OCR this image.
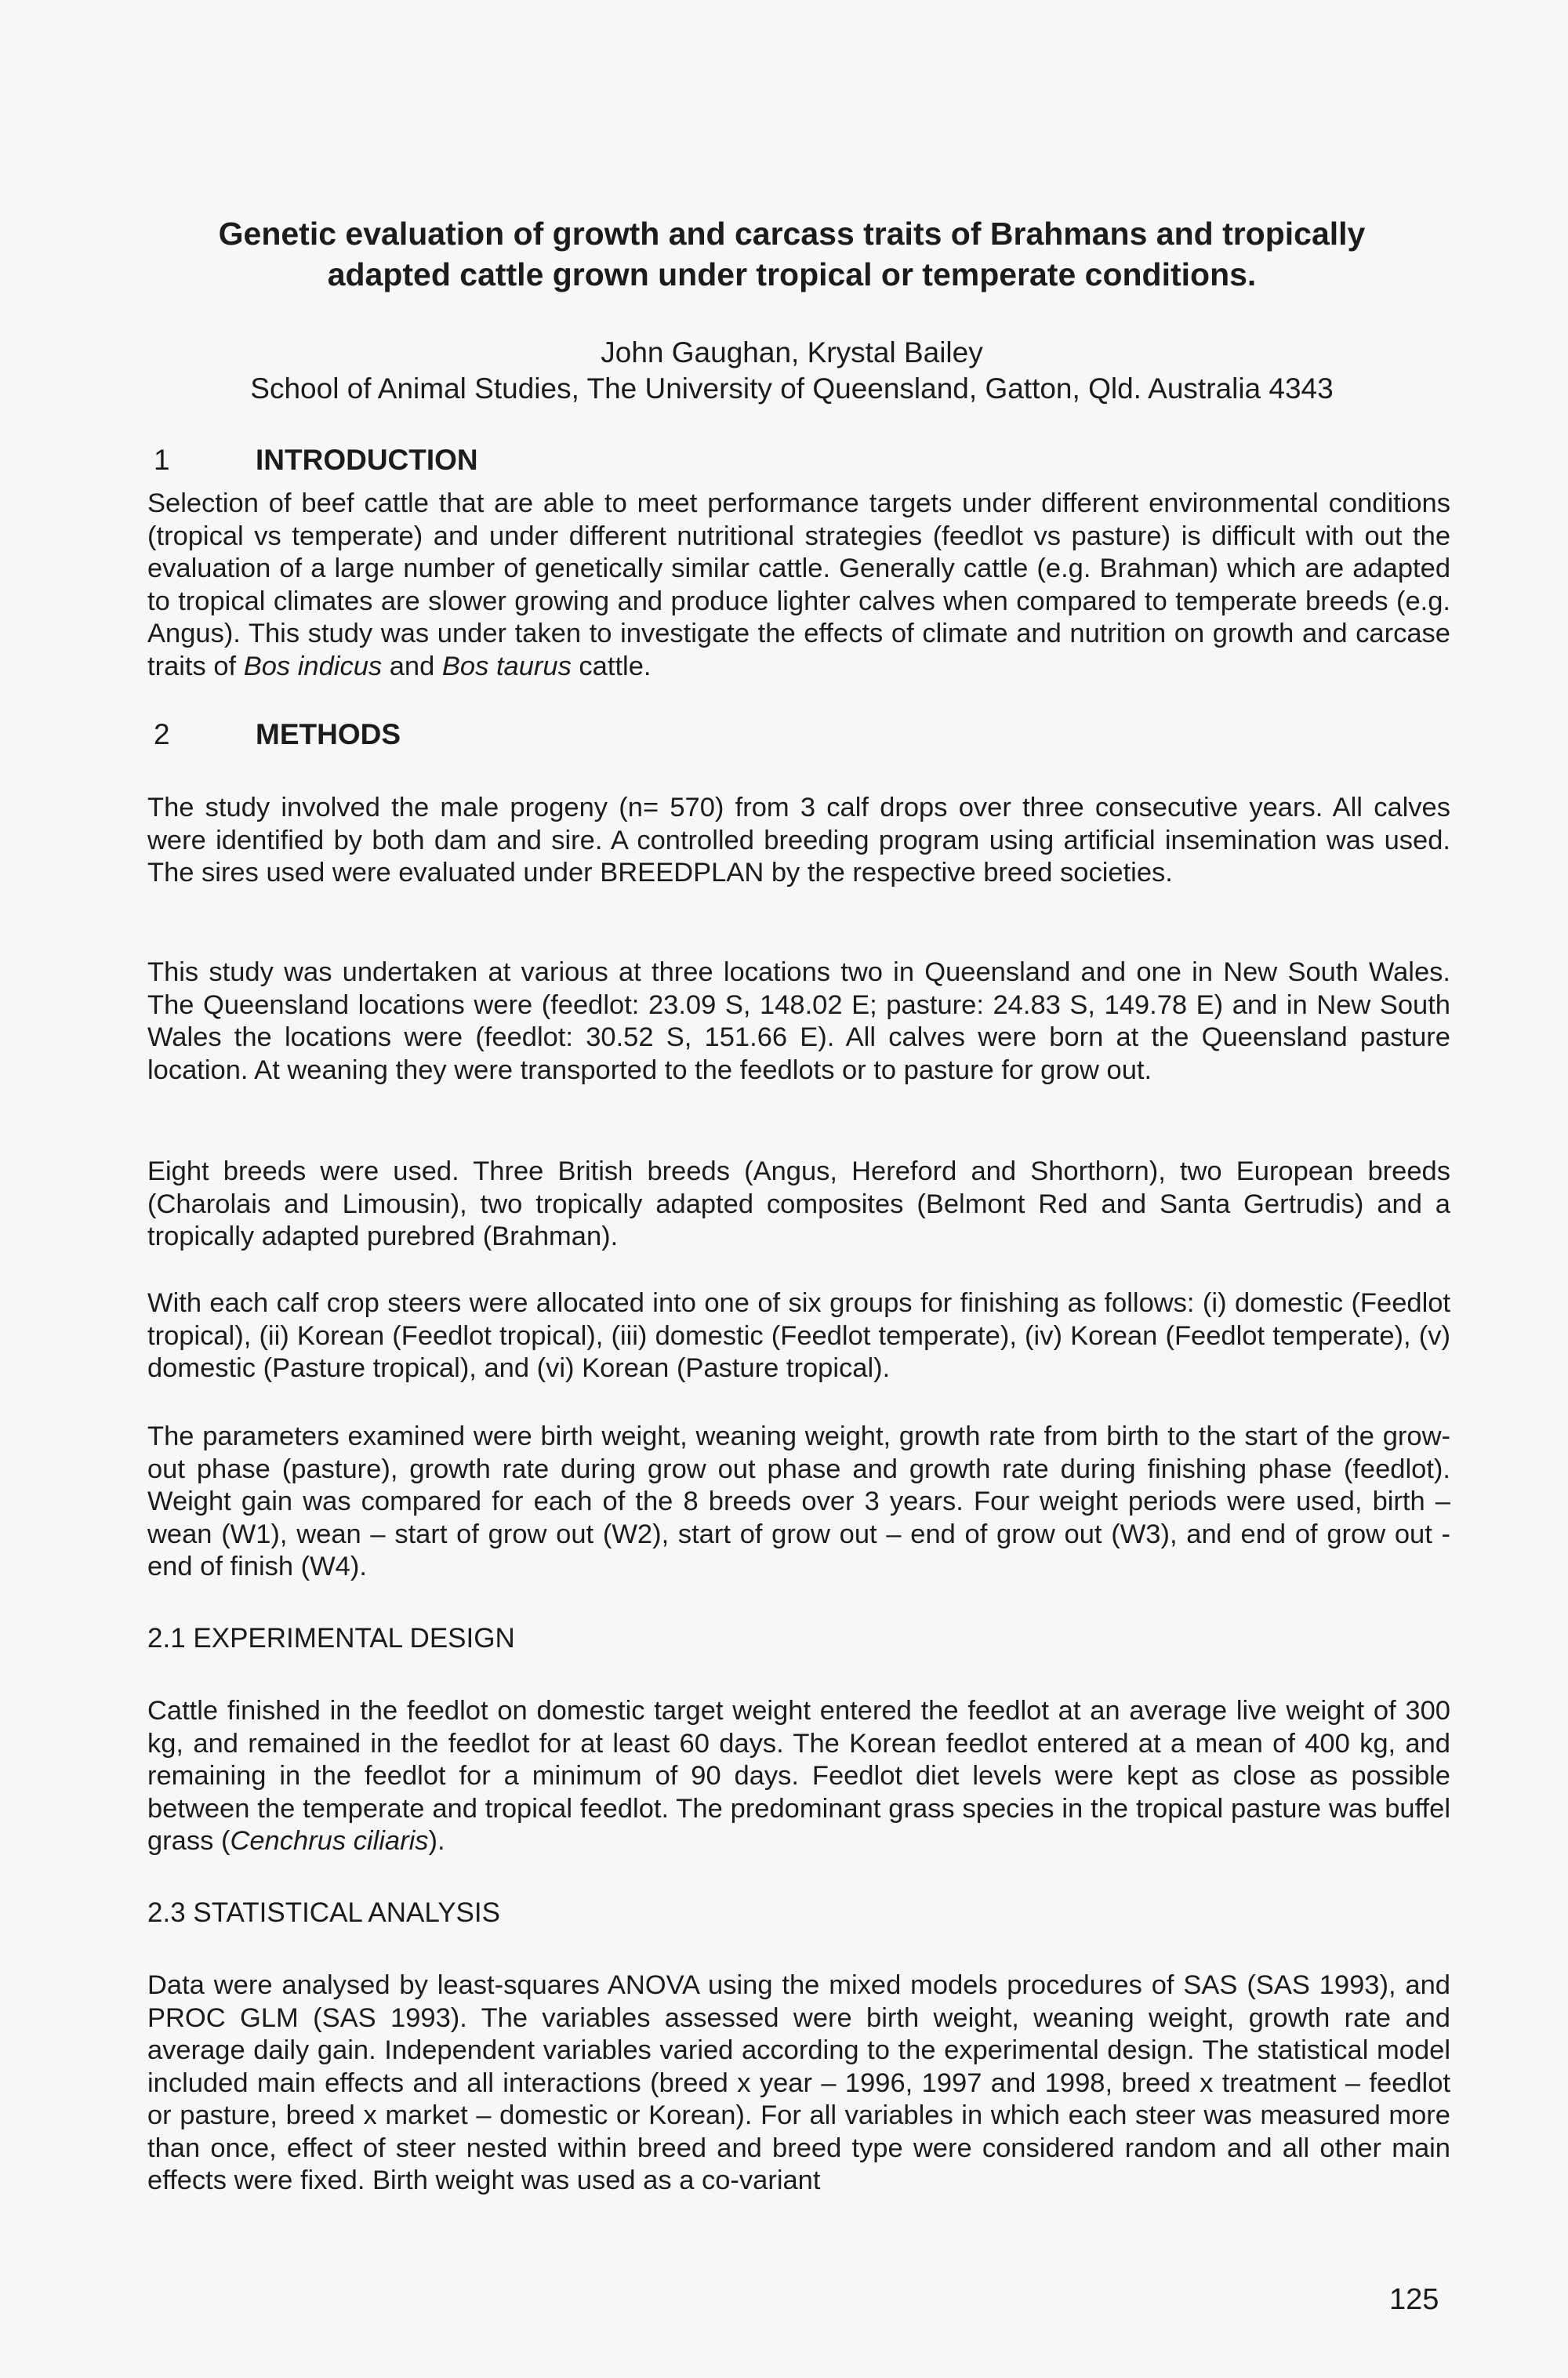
Genetic evaluation of growth and carcass traits of Brahmans and tropically
adapted cattle grown under tropical or temperate conditions.
John Gaughan, Krystal Bailey
School of Animal Studies, The University of Queensland, Gatton, Qld. Australia 4343
1	INTRODUCTION
Selection of beef cattle that are able to meet performance targets under different environmental conditions (tropical vs temperate) and under different nutritional strategies (feedlot vs pasture) is difficult with out the evaluation of a large number of genetically similar cattle. Generally cattle (e.g. Brahman) which are adapted to tropical climates are slower growing and produce lighter calves when compared to temperate breeds (e.g. Angus). This study was under taken to investigate the effects of climate and nutrition on growth and carcase traits of Bos indicus and Bos taurus cattle.
2	METHODS
The study involved the male progeny (n= 570) from 3 calf drops over three consecutive years. All calves were identified by both dam and sire. A controlled breeding program using artificial insemination was used. The sires used were evaluated under BREEDPLAN by the respective breed societies.
This study was undertaken at various at three locations two in Queensland and one in New South Wales. The Queensland locations were (feedlot: 23.09 S, 148.02 E; pasture: 24.83 S, 149.78 E) and in New South Wales the locations were (feedlot: 30.52 S, 151.66 E). All calves were born at the Queensland pasture location. At weaning they were transported to the feedlots or to pasture for grow out.
Eight breeds were used. Three British breeds (Angus, Hereford and Shorthorn), two European breeds (Charolais and Limousin), two tropically adapted composites (Belmont Red and Santa Gertrudis) and a tropically adapted purebred (Brahman).
With each calf crop steers were allocated into one of six groups for finishing as follows: (i) domestic (Feedlot tropical), (ii) Korean (Feedlot tropical), (iii) domestic (Feedlot temperate), (iv) Korean (Feedlot temperate), (v) domestic (Pasture tropical), and (vi) Korean (Pasture tropical).
The parameters examined were birth weight, weaning weight, growth rate from birth to the start of the grow-out phase (pasture), growth rate during grow out phase and growth rate during finishing phase (feedlot). Weight gain was compared for each of the 8 breeds over 3 years. Four weight periods were used, birth – wean (W1), wean – start of grow out (W2), start of grow out – end of grow out (W3), and end of grow out - end of finish (W4).
2.1 EXPERIMENTAL DESIGN
Cattle finished in the feedlot on domestic target weight entered the feedlot at an average live weight of 300 kg, and remained in the feedlot for at least 60 days. The Korean feedlot entered at a mean of 400 kg, and remaining in the feedlot for a minimum of 90 days. Feedlot diet levels were kept as close as possible between the temperate and tropical feedlot. The predominant grass species in the tropical pasture was buffel grass (Cenchrus ciliaris).
2.3 STATISTICAL ANALYSIS
Data were analysed by least-squares ANOVA using the mixed models procedures of SAS (SAS 1993), and PROC GLM (SAS 1993). The variables assessed were birth weight, weaning weight, growth rate and average daily gain. Independent variables varied according to the experimental design. The statistical model included main effects and all interactions (breed x year – 1996, 1997 and 1998, breed x treatment – feedlot or pasture, breed x market – domestic or Korean). For all variables in which each steer was measured more than once, effect of steer nested within breed and breed type were considered random and all other main effects were fixed. Birth weight was used as a co-variant
125
